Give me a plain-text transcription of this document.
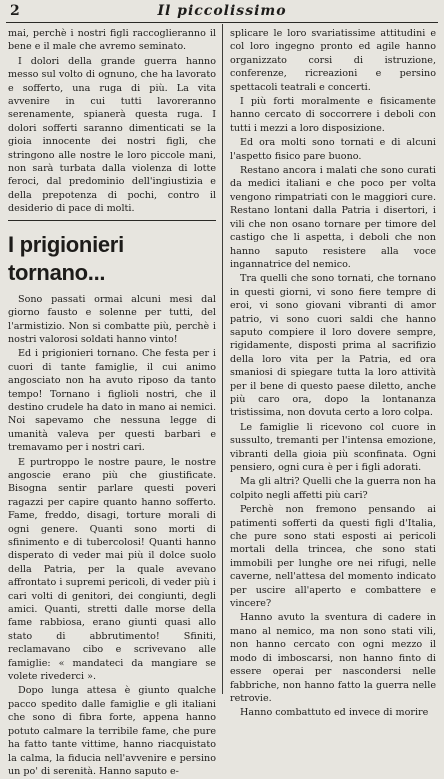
2	Il piccolissimo

mai, perchè i nostri figli raccoglieranno il bene e il male che avremo seminato.

I dolori della grande guerra hanno messo sul volto di ognuno, che ha lavorato e sofferto, una ruga di più. La vita avvenire in cui tutti lavoreranno serenamente, spianerà questa ruga. I dolori sofferti saranno dimenticati se la gioia innocente dei nostri figli, che stringono alle nostre le loro piccole mani, non sarà turbata dalla violenza di lotte feroci, dal predominio dell'ingiustizia e della prepotenza di pochi, contro il desiderio di pace di molti.

I prigionieri tornano...

Sono passati ormai alcuni mesi dal giorno fausto e solenne per tutti, del l'armistizio. Non si combatte più, perchè i nostri valorosi soldati hanno vinto!

Ed i prigionieri tornano. Che festa per i cuori di tante famiglie, il cui animo angosciato non ha avuto riposo da tanto tempo! Tornano i figlioli nostri, che il destino crudele ha dato in mano ai nemici. Noi sapevamo che nessuna legge di umanità valeva per questi barbari e tremavamo per i nostri cari.

E purtroppo le nostre paure, le nostre angoscie erano più che giustificate. Bisogna sentir parlare questi poveri ragazzi per capire quanto hanno sofferto. Fame, freddo, disagi, torture morali di ogni genere. Quanti sono morti di sfinimento e di tubercolosi! Quanti hanno disperato di veder mai più il dolce suolo della Patria, per la quale avevano affrontato i supremi pericoli, di veder più i cari volti di genitori, dei congiunti, degli amici. Quanti, stretti dalle morse della fame rabbiosa, erano giunti quasi allo stato di abbrutimento! Sfiniti, reclamavano cibo e scrivevano alle famiglie: « mandateci da mangiare se volete rivederci ».

Dopo lunga attesa è giunto qualche pacco spedito dalle famiglie e gli italiani che sono di fibra forte, appena hanno potuto calmare la terribile fame, che pure ha fatto tante vittime, hanno riacquistato la calma, la fiducia nell'avvenire e persino un po' di serenità. Hanno saputo e-

splicare le loro svariatissime attitudini e col loro ingegno pronto ed agile hanno organizzato corsi di istruzione, conferenze, ricreazioni e persino spettacoli teatrali e concerti.

I più forti moralmente e fisicamente hanno cercato di soccorrere i deboli con tutti i mezzi a loro disposizione.

Ed ora molti sono tornati e di alcuni l'aspetto fisico pare buono.

Restano ancora i malati che sono curati da medici italiani e che poco per volta vengono rimpatriati con le maggiori cure. Restano lontani dalla Patria i disertori, i vili che non osano tornare per timore del castigo che li aspetta, i deboli che non hanno saputo resistere alla voce ingannatrice del nemico.

Tra quelli che sono tornati, che tornano in questi giorni, vi sono fiere tempre di eroi, vi sono giovani vibranti di amor patrio, vi sono cuori saldi che hanno saputo compiere il loro dovere sempre, rigidamente, disposti prima al sacrifizio della loro vita per la Patria, ed ora smaniosi di spiegare tutta la loro attività per il bene di questo paese diletto, anche più caro ora, dopo la lontananza tristissima, non dovuta certo a loro colpa.

Le famiglie li ricevono col cuore in sussulto, tremanti per l'intensa emozione, vibranti della gioia più sconfinata. Ogni pensiero, ogni cura è per i figli adorati.

Ma gli altri? Quelli che la guerra non ha colpito negli affetti più cari?

Perchè non fremono pensando ai patimenti sofferti da questi figli d'Italia, che pure sono stati esposti ai pericoli mortali della trincea, che sono stati immobili per lunghe ore nei rifugi, nelle caverne, nell'attesa del momento indicato per uscire all'aperto e combattere e vincere?

Hanno avuto la sventura di cadere in mano al nemico, ma non sono stati vili, non hanno cercato con ogni mezzo il modo di imboscarsi, non hanno finto di essere operai per nascondersi nelle fabbriche, non hanno fatto la guerra nelle retrovie.

Hanno combattuto ed invece di morire
